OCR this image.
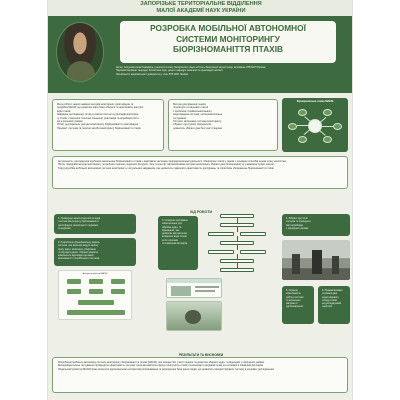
ЗАПОРІЗЬКЕ ТЕРИТОРІАЛЬНЕ ВІДДІЛЕННЯ
МАЛОЇ АКАДЕМІЇ НАУК УКРАЇНИ
РОЗРОБКА МОБІЛЬНОЇ АВТОНОМНОЇ
СИСТЕМИ МОНІТОРИНГУ
БІОРІЗНОМАНІТТЯ ПТАХІВ
Автор: Сопунова Анна Романівна, учениця 11 класу Запорізького ліцею «Логос» Запорізької міської ради, вихованка ЗТВ МАН України
Науковий керівник: кандидат біологічних наук, доцент кафедри загальної та прикладної екології
Запорізького національного університету, член ЗТВ МАН України
Мета роботи: аналіз наявних методів моніторингу орнітофауни та
розробка МАСМ, що дозволяє ефективно збирати та аналізувати дані про
види птахів.
Завдання дослідження: огляд сучасних систем та приладів моніторин-
гу птахів, створення технічної концепції, реалізація та апробація систе-
ми в польових умовах.
Об'єкт дослідження: методи моніторингу біорізноманіття орнітофауни.
Предмет: система та технічні засоби моніторингу біорізноманіття птахів.
Методи дослідження: аналіз
літератури та наукових статей
з проблеми; порівняльний аналіз;
моделювання системи; експериментальне
тестування.
Гіпотеза: автономна система моніторингу,
зібрана з доступних компонентів,
дозволить збирати дані без участі людини.
Функціональна схема МАСМ
Актуальність: дослідження проблеми зменшення біорізноманіття птахів є важливою частиною природоохоронної діяльності. Моніторинг птахів є одним з основних способів оцінки стану екосистем.
Проте традиційні методи моніторингу потребують значних людських ресурсів, часу та коштів. Автоматизовані системи дозволяють збирати дані безперервно та у важкодоступних місцях.
Тому розробка мобільної автономної системи моніторингу є актуальним завданням, яке дозволить підвищити ефективність досліджень та сприятиме збереженню біорізноманіття птахів.
ХІД РОБОТИ
1. Проведено аналіз існуючих методів
і систем моніторингу біорізноманіття
орнітофауни, визначено їх переваги
та недоліки.
2. Розроблено функціональну модель
системи, яка включає модулі запису
звуку, відео, живлення, зберігання
та передачі даних. Обрано апаратні
компоненти відповідно до вимог
автономності та мобільності системи.
Алгоритм роботи МАСМ
3. Створено програмне
забезпечення для
обробки аудіо- та
відеоданих, яке
дозволяє автоматично
визначати види птахів
за їх голосами
та зовнішнім виглядом.
4. Зібрано прототип
системи та проведено
його апробацію
у природних умовах.
5. Оцінено
ефективність
роботи системи
та визначено
напрями її
удосконалення.
6. Проаналізовано
отримані дані
щодо видового
складу птахів
на досліджуваній
території.
РЕЗУЛЬТАТИ ТА ВИСНОВКИ
Розроблено мобільну автономну систему моніторингу біорізноманіття птахів (МАСМ), яка працює без участі людини та дозволяє збирати аудіо- та відеодані у природних умовах.
Експериментальне тестування підтвердило ефективність системи: вона автоматично фіксує присутність птахів та визначає їх видовий склад за голосами й зовнішнім виглядом.
Подальший розвиток МАСМ може включати вдосконалення алгоритмів розпізнавання та розширення бази даних видів, що дозволить використовувати систему в наукових дослідженнях.
